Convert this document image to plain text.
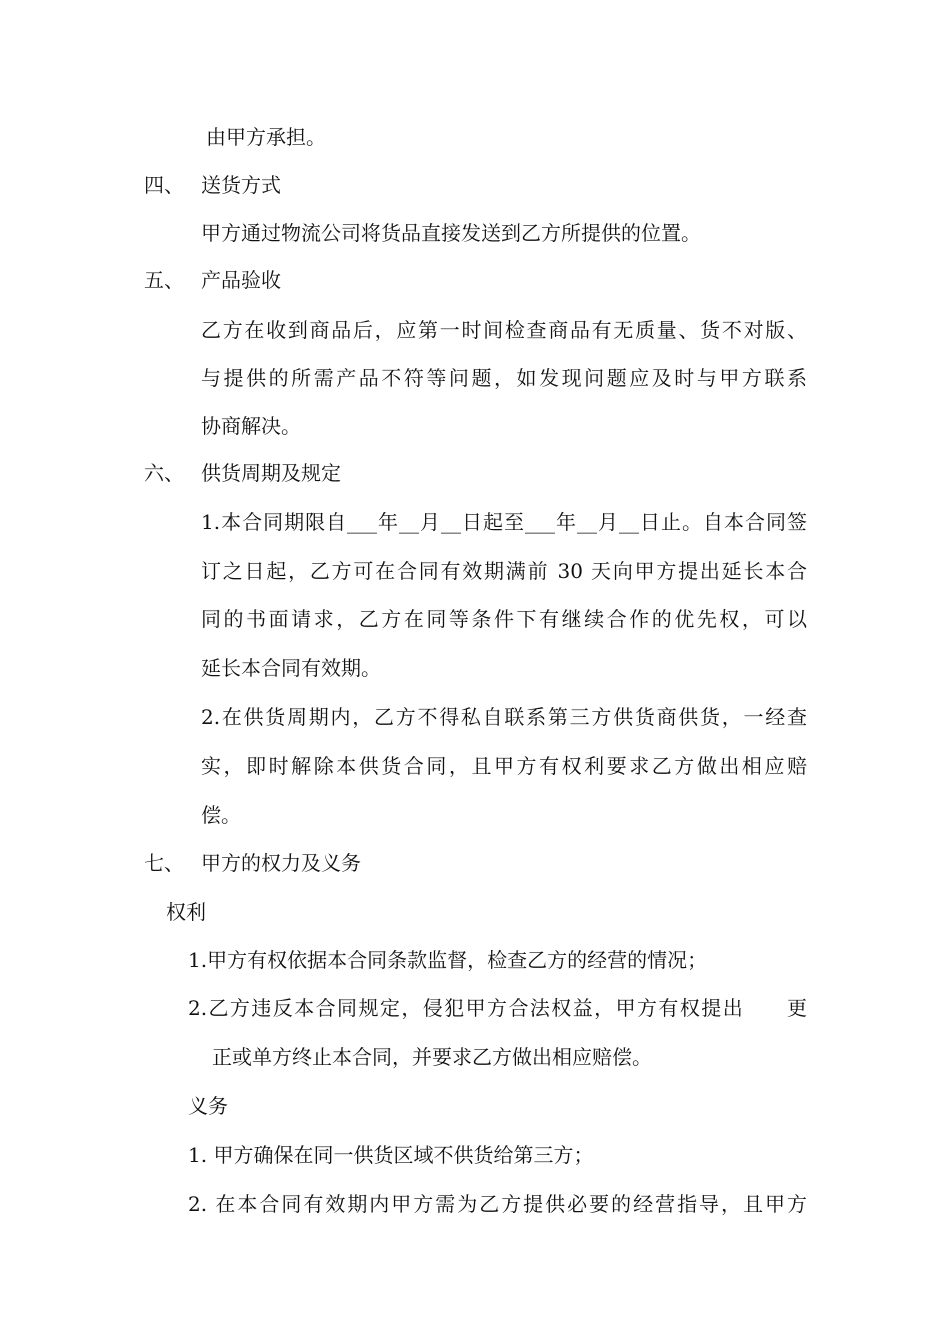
由甲方承担。
四、 送货方式
甲方通过物流公司将货品直接发送到乙方所提供的位置。
五、 产品验收
乙方在收到商品后，应第一时间检查商品有无质量、货不对版、
与提供的所需产品不符等问题，如发现问题应及时与甲方联系
协商解决。
六、 供货周期及规定
1.本合同期限自___年__月__日起至___年__月__日止。自本合同签
订之日起，乙方可在合同有效期满前 30 天向甲方提出延长本合
同的书面请求，乙方在同等条件下有继续合作的优先权，可以
延长本合同有效期。
2.在供货周期内，乙方不得私自联系第三方供货商供货，一经查
实，即时解除本供货合同，且甲方有权利要求乙方做出相应赔
偿。
七、 甲方的权力及义务
权利
1.甲方有权依据本合同条款监督，检查乙方的经营的情况；
2.乙方违反本合同规定，侵犯甲方合法权益，甲方有权提出　　更
正或单方终止本合同，并要求乙方做出相应赔偿。
义务
1. 甲方确保在同一供货区域不供货给第三方；
2. 在本合同有效期内甲方需为乙方提供必要的经营指导，且甲方
